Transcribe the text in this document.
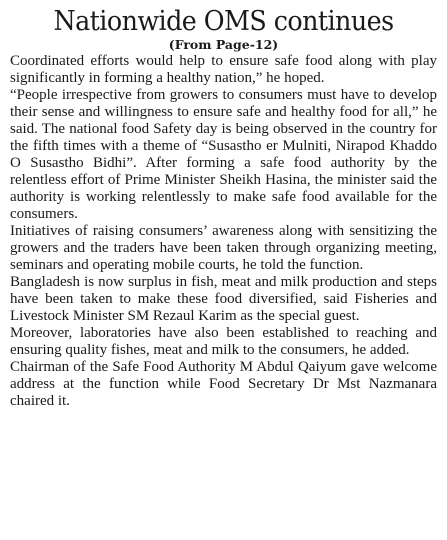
Nationwide OMS continues
(From Page-12)

Coordinated efforts would help to ensure safe food along with play significantly in forming a healthy nation,” he hoped.

“People irrespective from growers to consumers must have to develop their sense and willingness to ensure safe and healthy food for all,” he said. The national food Safety day is being observed in the country for the fifth times with a theme of “Susastho er Mulniti, Nirapod Khaddo O Susastho Bidhi”. After forming a safe food authority by the relentless effort of Prime Minister Sheikh Hasina, the minister said the authority is working relentlessly to make safe food available for the consumers.

Initiatives of raising consumers’ awareness along with sensitizing the growers and the traders have been taken through organizing meeting, seminars and operating mobile courts, he told the function.

Bangladesh is now surplus in fish, meat and milk production and steps have been taken to make these food diversified, said Fisheries and Livestock Minister SM Rezaul Karim as the special guest.

Moreover, laboratories have also been established to reaching and ensuring quality fishes, meat and milk to the consumers, he added.

Chairman of the Safe Food Authority M Abdul Qaiyum gave welcome address at the function while Food Secretary Dr Mst Nazmanara chaired it.
